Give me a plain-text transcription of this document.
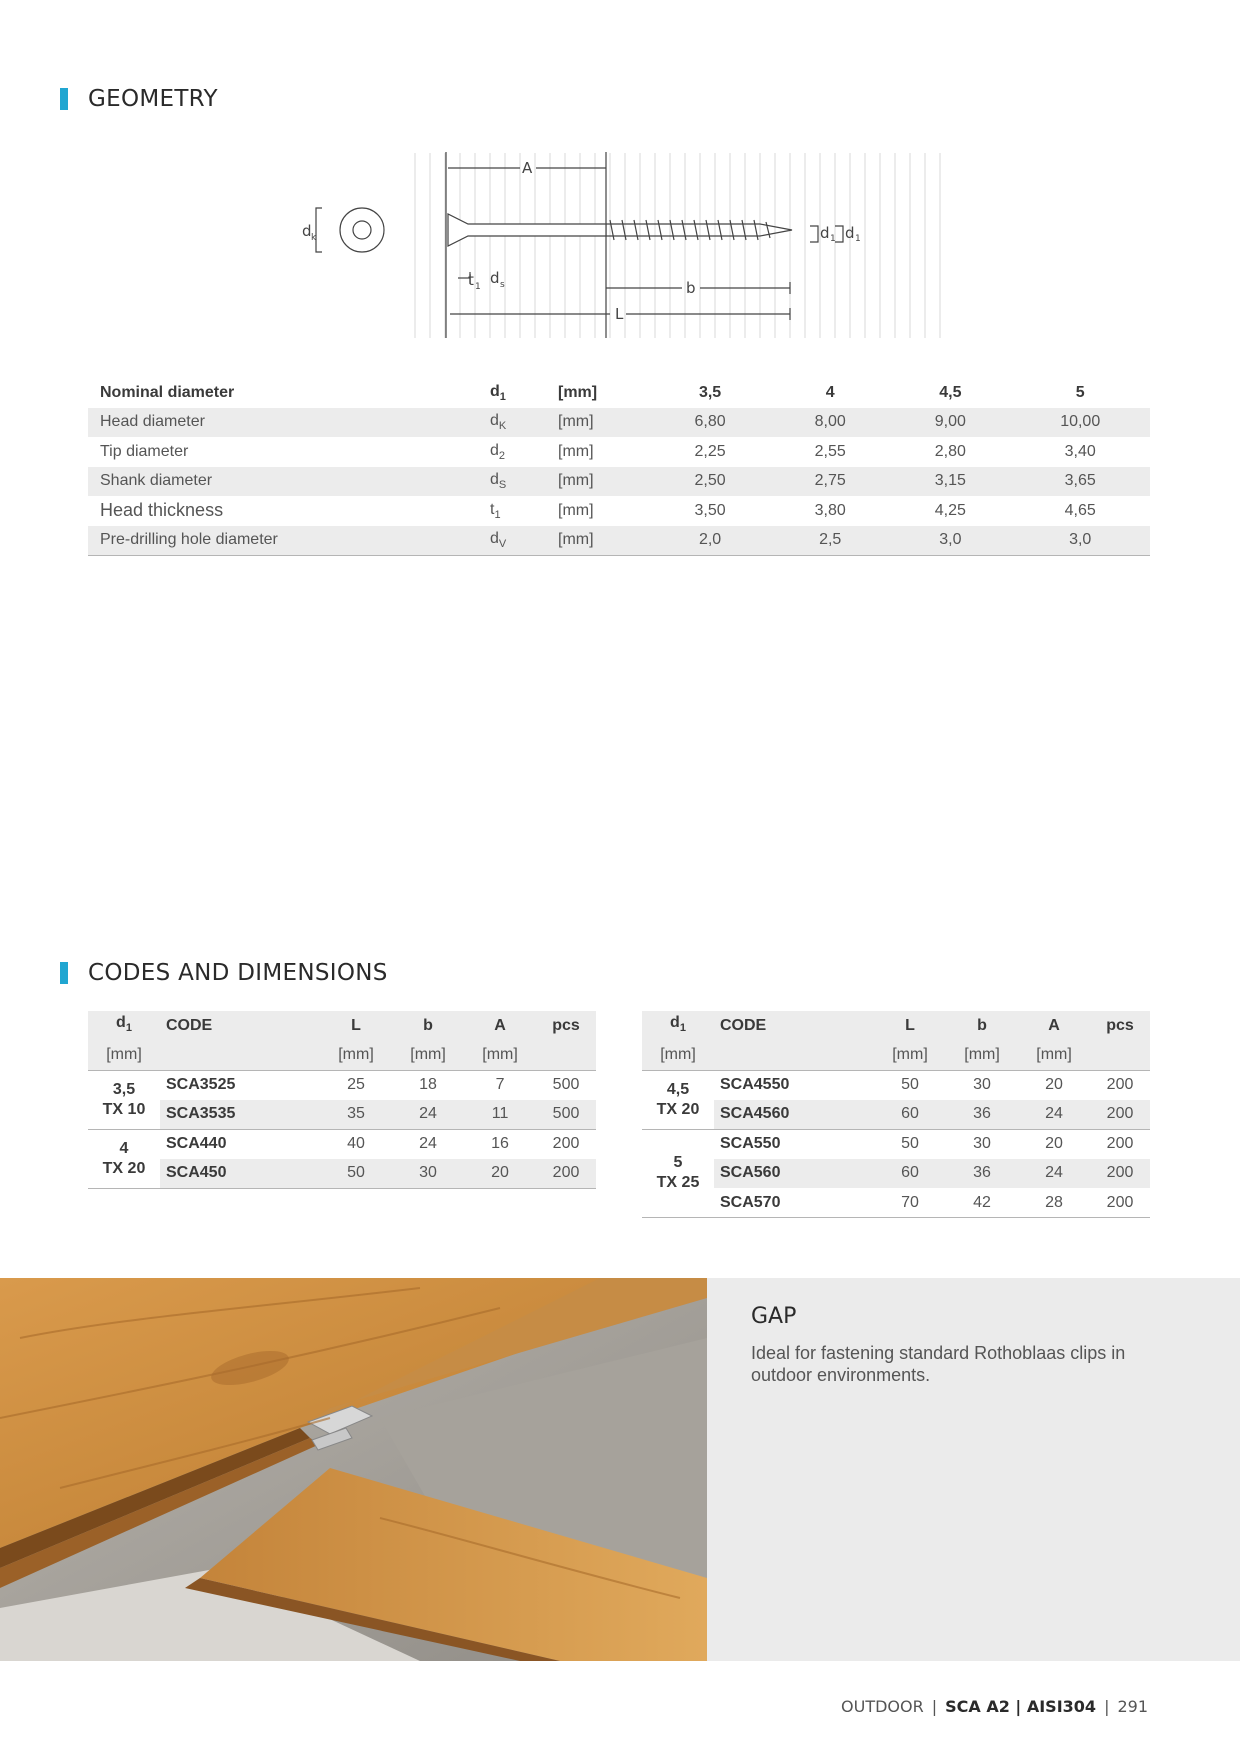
GEOMETRY
d k
A
d 1 d 1
t 1 d s	b
L
Nominal diameter	$d_1$	[mm]	3,5	4	4,5	5
Head diameter	$d_K$	[mm]	6,80	8,00	9,00	10,00
Tip diameter	$d_2$	[mm]	2,25	2,55	2,80	3,40
Shank diameter	$d_S$	[mm]	2,50	2,75	3,15	3,65
Head thickness	$t_1$	[mm]	3,50	3,80	4,25	4,65
Pre-drilling hole diameter	$d_V$	[mm]	2,0	2,5	3,0	3,0
CODES AND DIMENSIONS
$d_1$	CODE	L	b	A	pcs
[mm]		[mm]	[mm]	[mm]	

3,5
TX 10	SCA3525	25	18	7	500
	SCA3535	35	24	11	500

4
TX 20	SCA440	40	24	16	200
	SCA450	50	30	20	200
$d_1$	CODE	L	b	A	pcs
[mm]		[mm]	[mm]	[mm]	

4,5
TX 20	SCA4550	50	30	20	200
	SCA4560	60	36	24	200

5
TX 25	SCA550	50	30	20	200
	SCA560	60	36	24	200
	SCA570	70	42	28	200
GAP
Ideal for fastening standard Rothoblaas clips in outdoor environments.
OUTDOOR | SCA A2 | AISI304 | 291
